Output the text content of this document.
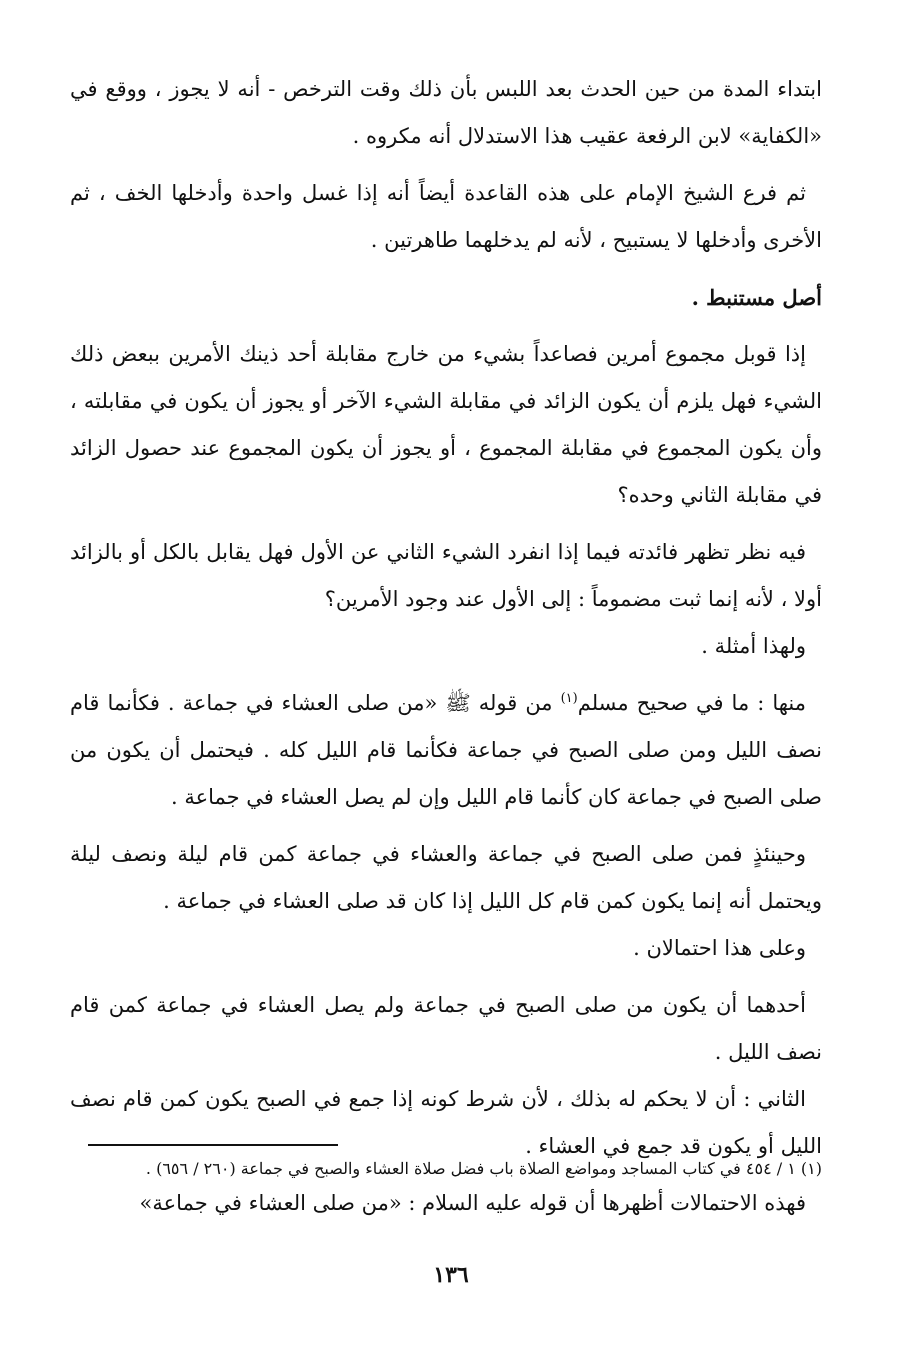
ابتداء المدة من حين الحدث بعد اللبس بأن ذلك وقت الترخص - أنه لا يجوز ، ووقع في «الكفاية» لابن الرفعة عقيب هذا الاستدلال أنه مكروه .

ثم فرع الشيخ الإمام على هذه القاعدة أيضاً أنه إذا غسل واحدة وأدخلها الخف ، ثم الأخرى وأدخلها لا يستبيح ، لأنه لم يدخلهما طاهرتين .

أصل مستنبط .

إذا قوبل مجموع أمرين فصاعداً بشيء من خارج مقابلة أحد ذينك الأمرين ببعض ذلك الشيء فهل يلزم أن يكون الزائد في مقابلة الشيء الآخر أو يجوز أن يكون في مقابلته ، وأن يكون المجموع في مقابلة المجموع ، أو يجوز أن يكون المجموع عند حصول الزائد في مقابلة الثاني وحده؟

فيه نظر تظهر فائدته فيما إذا انفرد الشيء الثاني عن الأول فهل يقابل بالكل أو بالزائد أولا ، لأنه إنما ثبت مضموماً : إلى الأول عند وجود الأمرين؟

ولهذا أمثلة .

منها : ما في صحيح مسلم$^{(١)}$ من قوله ﷺ «من صلى العشاء في جماعة . فكأنما قام نصف الليل ومن صلى الصبح في جماعة فكأنما قام الليل كله . فيحتمل أن يكون من صلى الصبح في جماعة كان كأنما قام الليل وإن لم يصل العشاء في جماعة .

وحينئذٍ فمن صلى الصبح في جماعة والعشاء في جماعة كمن قام ليلة ونصف ليلة ويحتمل أنه إنما يكون كمن قام كل الليل إذا كان قد صلى العشاء في جماعة .

وعلى هذا احتمالان .

أحدهما أن يكون من صلى الصبح في جماعة ولم يصل العشاء في جماعة كمن قام نصف الليل .

الثاني : أن لا يحكم له بذلك ، لأن شرط كونه إذا جمع في الصبح يكون كمن قام نصف الليل أو يكون قد جمع في العشاء .

فهذه الاحتمالات أظهرها أن قوله عليه السلام : «من صلى العشاء في جماعة»

(١) ١ / ٤٥٤ في كتاب المساجد ومواضع الصلاة باب فضل صلاة العشاء والصبح في جماعة (٢٦٠ / ٦٥٦) .

١٣٦
